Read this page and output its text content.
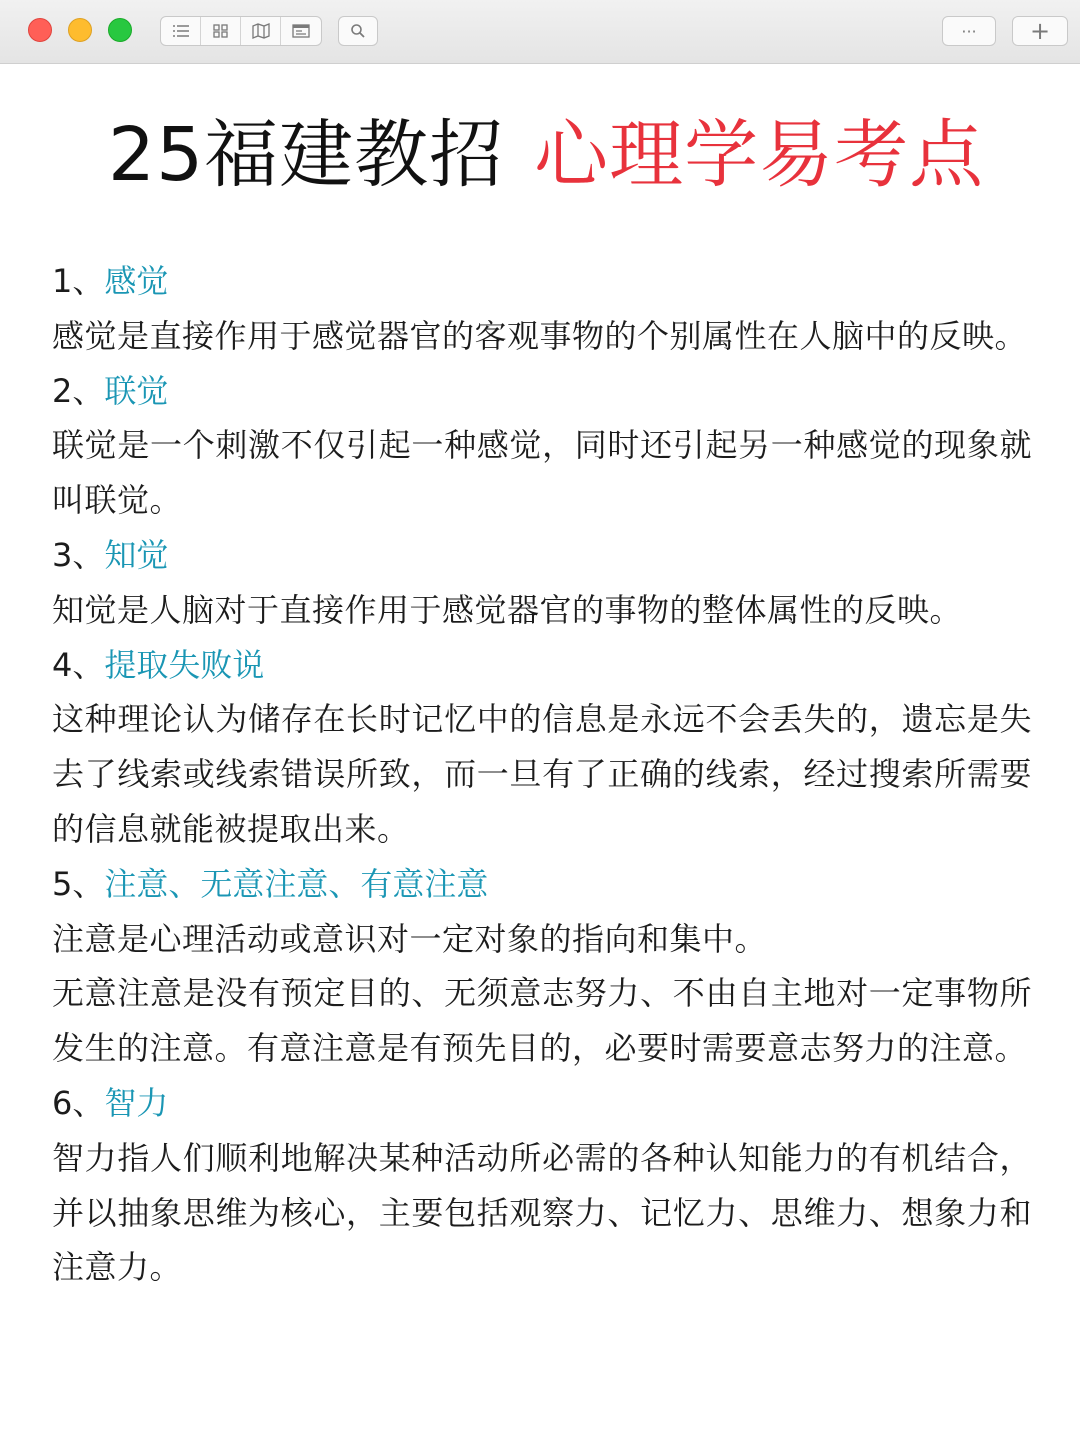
··· +
25福建教招 心理学易考点
1、感觉
感觉是直接作用于感觉器官的客观事物的个别属性在人脑中的反映。
2、联觉
联觉是一个刺激不仅引起一种感觉，同时还引起另一种感觉的现象就叫联觉。
3、知觉
知觉是人脑对于直接作用于感觉器官的事物的整体属性的反映。
4、提取失败说
这种理论认为储存在长时记忆中的信息是永远不会丢失的，遗忘是失去了线索或线索错误所致，而一旦有了正确的线索，经过搜索所需要的信息就能被提取出来。
5、注意、无意注意、有意注意
注意是心理活动或意识对一定对象的指向和集中。
无意注意是没有预定目的、无须意志努力、不由自主地对一定事物所发生的注意。有意注意是有预先目的，必要时需要意志努力的注意。
6、智力
智力指人们顺利地解决某种活动所必需的各种认知能力的有机结合，并以抽象思维为核心，主要包括观察力、记忆力、思维力、想象力和注意力。
